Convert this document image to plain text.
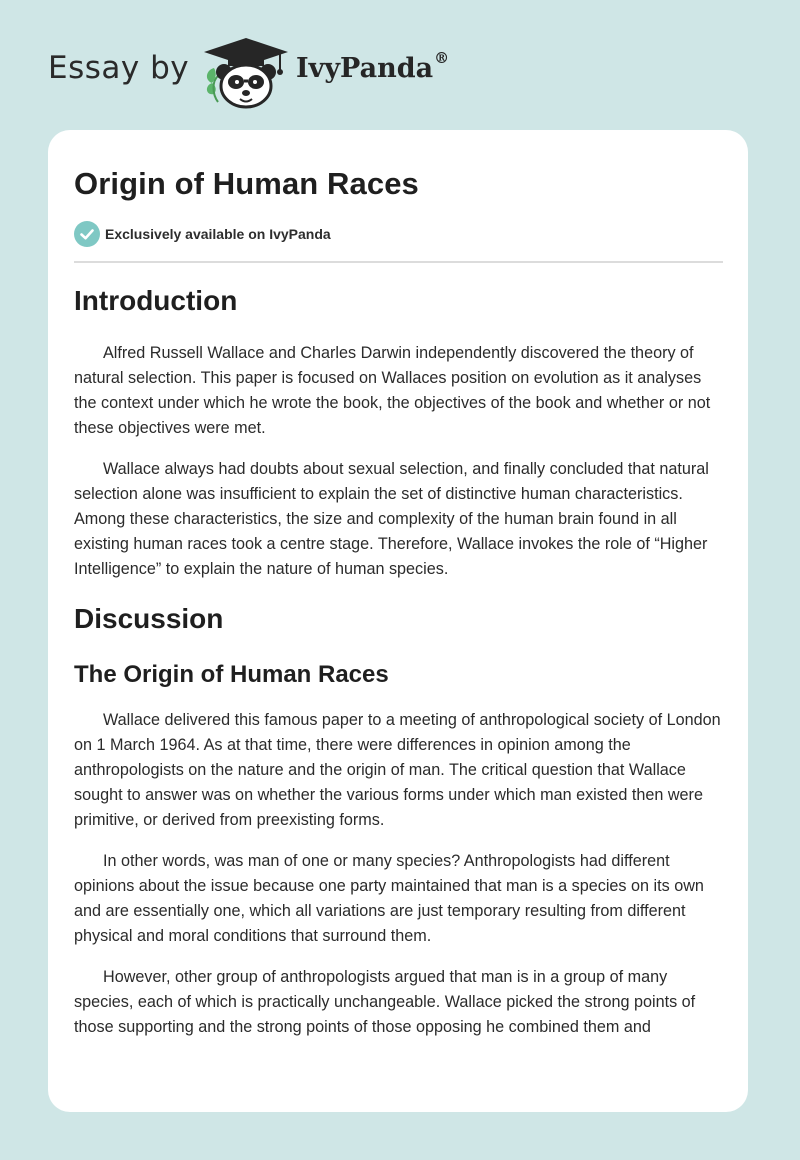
Essay by	IvyPanda®
Origin of Human Races
Exclusively available on IvyPanda
Introduction

Alfred Russell Wallace and Charles Darwin independently discovered the theory of natural selection. This paper is focused on Wallaces position on evolution as it analyses the context under which he wrote the book, the objectives of the book and whether or not these objectives were met.

Wallace always had doubts about sexual selection, and finally concluded that natural selection alone was insufficient to explain the set of distinctive human characteristics. Among these characteristics, the size and complexity of the human brain found in all existing human races took a centre stage. Therefore, Wallace invokes the role of “Higher Intelligence” to explain the nature of human species.

Discussion
The Origin of Human Races

Wallace delivered this famous paper to a meeting of anthropological society of London on 1 March 1964. As at that time, there were differences in opinion among the anthropologists on the nature and the origin of man. The critical question that Wallace sought to answer was on whether the various forms under which man existed then were primitive, or derived from preexisting forms.

In other words, was man of one or many species? Anthropologists had different opinions about the issue because one party maintained that man is a species on its own and are essentially one, which all variations are just temporary resulting from different physical and moral conditions that surround them.

However, other group of anthropologists argued that man is in a group of many species, each of which is practically unchangeable. Wallace picked the strong points of those supporting and the strong points of those opposing he combined them and
